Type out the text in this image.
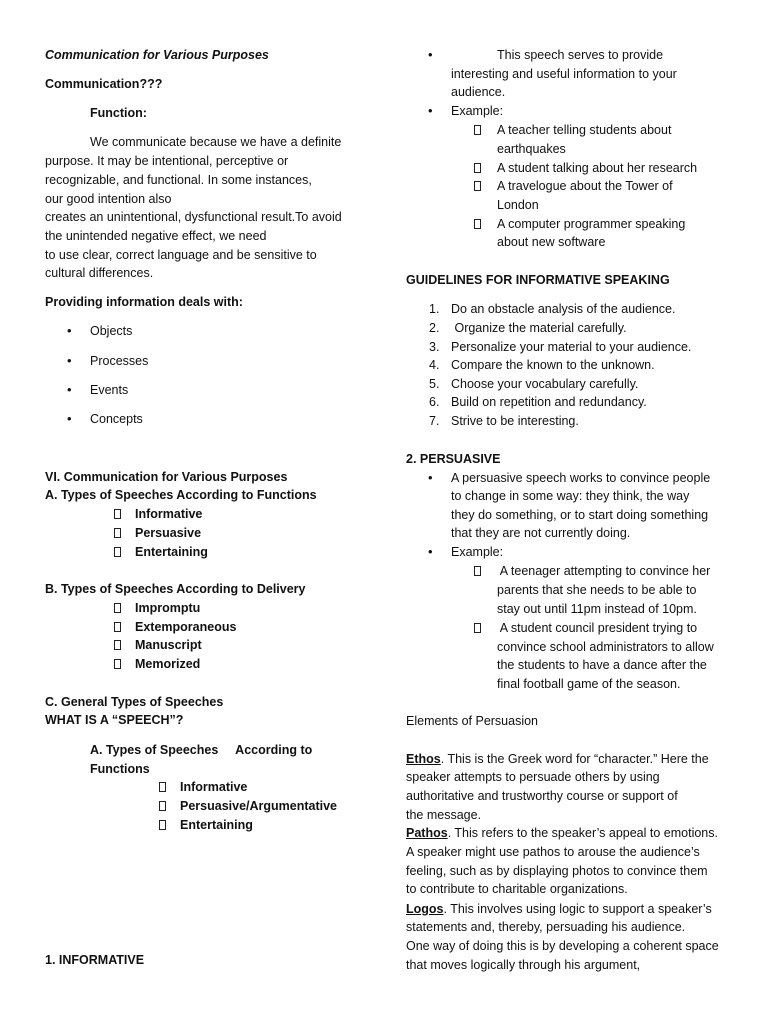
Communication for Various Purposes
Communication???
Function:
We communicate because we have a definite
purpose. It may be intentional, perceptive or
recognizable, and functional. In some instances,
our good intention also
creates an unintentional, dysfunctional result.To avoid
the unintended negative effect, we need
to use clear, correct language and be sensitive to
cultural differences.
Providing information deals with:
• Objects
• Processes
• Events
• Concepts
VI. Communication for Various Purposes
A. Types of Speeches According to Functions
Informative
Persuasive
Entertaining
B. Types of Speeches According to Delivery
Impromptu
Extemporaneous
Manuscript
Memorized
C. General Types of Speeches
WHAT IS A “SPEECH”?
A. Types of Speeches     According to
Functions
Informative
Persuasive/Argumentative
Entertaining
1. INFORMATIVE
•	This speech serves to provide
interesting and useful information to your
audience.
• Example:
A teacher telling students about
earthquakes
A student talking about her research
A travelogue about the Tower of
London
A computer programmer speaking
about new software
GUIDELINES FOR INFORMATIVE SPEAKING
1. Do an obstacle analysis of the audience.
2. Organize the material carefully.
3. Personalize your material to your audience.
4. Compare the known to the unknown.
5. Choose your vocabulary carefully.
6. Build on repetition and redundancy.
7. Strive to be interesting.
2. PERSUASIVE
• A persuasive speech works to convince people
to change in some way: they think, the way
they do something, or to start doing something
that they are not currently doing.
• Example:
A teenager attempting to convince her
parents that she needs to be able to
stay out until 11pm instead of 10pm.
A student council president trying to
convince school administrators to allow
the students to have a dance after the
final football game of the season.
Elements of Persuasion
Ethos. This is the Greek word for “character.” Here the
speaker attempts to persuade others by using
authoritative and trustworthy course or support of
the message.
Pathos. This refers to the speaker’s appeal to emotions.
A speaker might use pathos to arouse the audience’s
feeling, such as by displaying photos to convince them
to contribute to charitable organizations.
Logos. This involves using logic to support a speaker’s
statements and, thereby, persuading his audience.
One way of doing this is by developing a coherent space
that moves logically through his argument,
